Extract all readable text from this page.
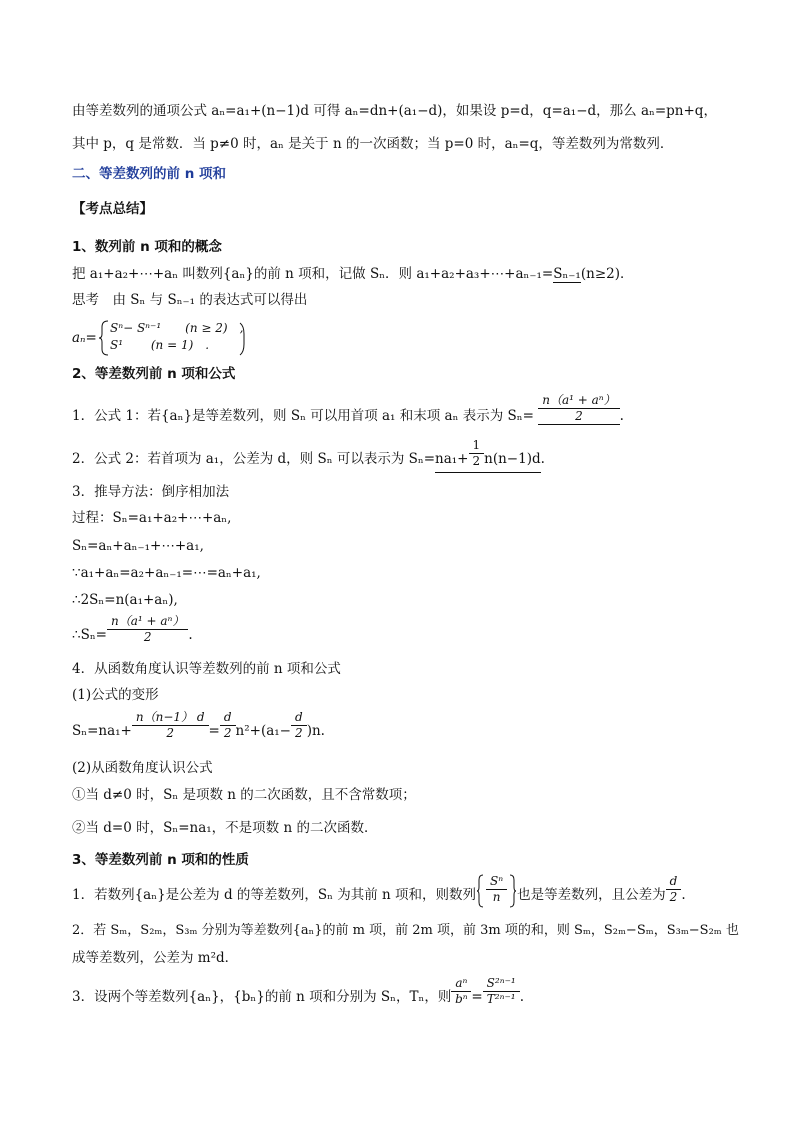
由等差数列的通项公式 aₙ=a₁+(n−1)d 可得 aₙ=dn+(a₁−d)，如果设 p=d，q=a₁−d，那么 aₙ=pn+q，
其中 p，q 是常数．当 p≠0 时，aₙ 是关于 n 的一次函数；当 p=0 时，aₙ=q，等差数列为常数列．
二、等差数列的前 n 项和
【考点总结】
1、数列前 n 项和的概念
把 a₁+a₂+⋯+aₙ 叫数列{aₙ}的前 n 项和，记做 Sₙ．则 a₁+a₂+a₃+⋯+aₙ₋₁=Sₙ₋₁(n≥2)．
思考　由 Sₙ 与 Sₙ₋₁ 的表达式可以得出
aₙ=
Sⁿ− Sⁿ⁻¹　　(n ≥ 2)　,
S¹　　 (n = 1)　.
2、等差数列前 n 项和公式
1．公式 1：若{aₙ}是等差数列，则 Sₙ 可以用首项 a₁ 和末项 aₙ 表示为 $S_n= \frac{\text{n（a¹ + aⁿ）}}{2}$ .
2．公式 2：若首项为 a₁，公差为 d，则 Sₙ 可以表示为 $S_n=na_1+ \frac{1}{2} n(n-1)d$.
3．推导方法：倒序相加法
过程：Sₙ=a₁+a₂+⋯+aₙ,
Sₙ=aₙ+aₙ₋₁+⋯+a₁,
∵a₁+aₙ=a₂+aₙ₋₁=⋯=aₙ+a₁,
∴2Sₙ=n(a₁+aₙ),
∴Sₙ= $\frac{\text{n（a¹ + aⁿ）}}{2}$ .
4．从函数角度认识等差数列的前 n 项和公式
(1)公式的变形
$S_n=na_1+ \frac{n(n-1) d}{2} = \frac{d}{2} n^2+(a_1- \frac{d}{2} )n$.
(2)从函数角度认识公式
①当 d≠0 时，Sₙ 是项数 n 的二次函数，且不含常数项；
②当 d=0 时，Sₙ=na₁，不是项数 n 的二次函数．
3、等差数列前 n 项和的性质
1．若数列{aₙ}是公差为 d 的等差数列，Sₙ 为其前 n 项和，则数列 $\frac{\text{Sⁿ}}{n}$ 也是等差数列，且公差为 $\frac{d}{2}$ .
2．若 Sₘ，S₂ₘ，S₃ₘ 分别为等差数列{aₙ}的前 m 项，前 2m 项，前 3m 项的和，则 Sₘ，S₂ₘ−Sₘ，S₃ₘ−S₂ₘ 也
成等差数列，公差为 m²d．
3．设两个等差数列{aₙ}，{bₙ}的前 n 项和分别为 Sₙ，Tₙ，则 $\frac{\text{aⁿ}}{\text{bⁿ}} = \frac{\text{S²ⁿ⁻¹}}{\text{T²ⁿ⁻¹}}$ .
